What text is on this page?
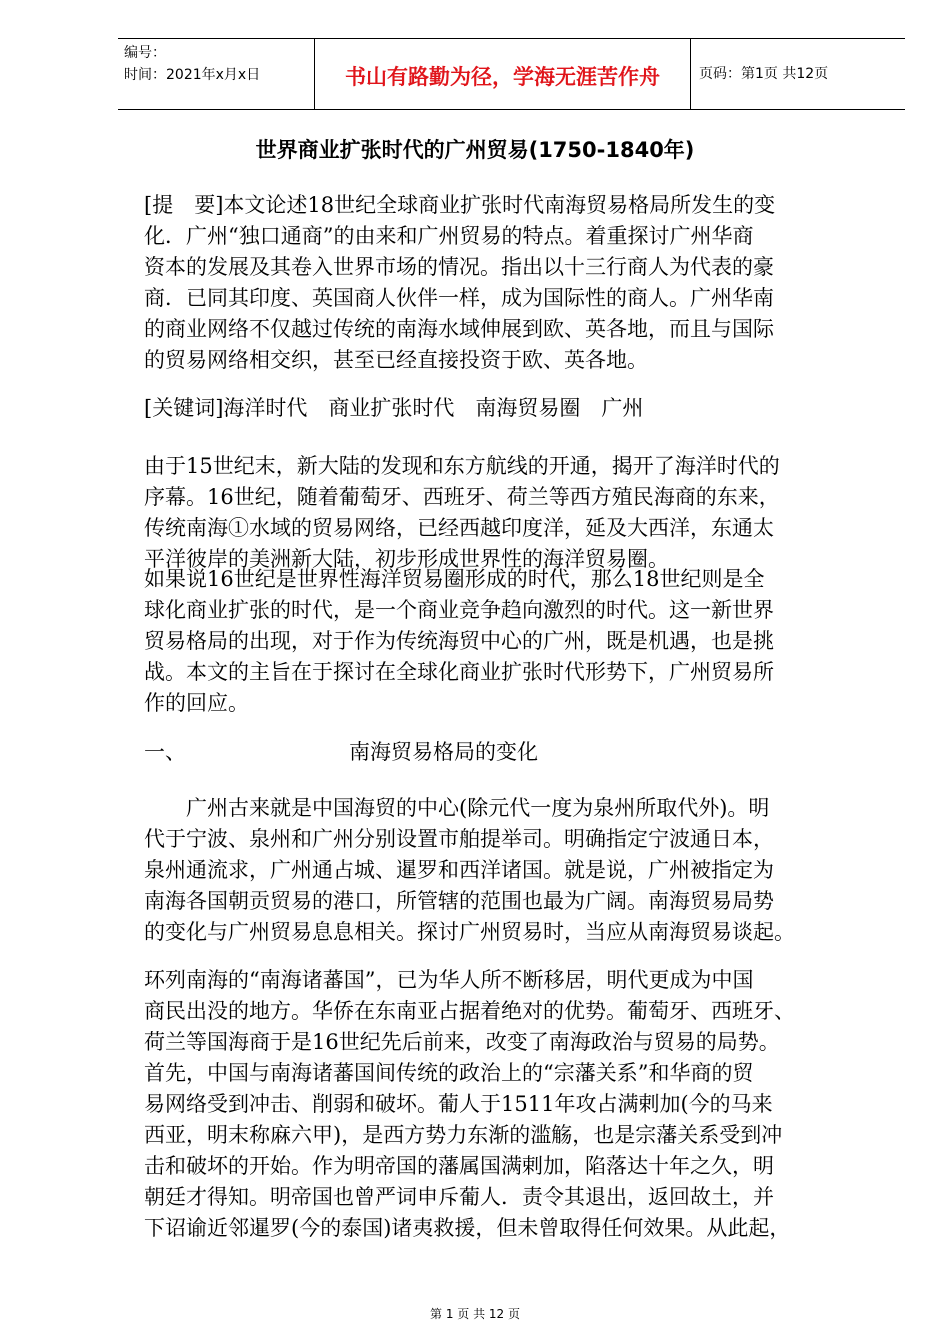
编号：
时间：2021年x月x日	书山有路勤为径，学海无涯苦作舟	页码：第1页 共12页
世界商业扩张时代的广州贸易(1750-1840年)
[提　要]本文论述18世纪全球商业扩张时代南海贸易格局所发生的变
化．广州“独口通商”的由来和广州贸易的特点。着重探讨广州华商
资本的发展及其卷入世界市场的情况。指出以十三行商人为代表的豪
商．已同其印度、英国商人伙伴一样，成为国际性的商人。广州华南
的商业网络不仅越过传统的南海水域伸展到欧、英各地，而且与国际
的贸易网络相交织，甚至已经直接投资于欧、英各地。
[关键词]海洋时代　商业扩张时代　南海贸易圈　广州
由于15世纪末，新大陆的发现和东方航线的开通，揭开了海洋时代的
序幕。16世纪，随着葡萄牙、西班牙、荷兰等西方殖民海商的东来，
传统南海①水域的贸易网络，已经西越印度洋，延及大西洋，东通太
平洋彼岸的美洲新大陆，初步形成世界性的海洋贸易圈。
如果说16世纪是世界性海洋贸易圈形成的时代，那么18世纪则是全
球化商业扩张的时代，是一个商业竞争趋向激烈的时代。这一新世界
贸易格局的出现，对于作为传统海贸中心的广州，既是机遇，也是挑
战。本文的主旨在于探讨在全球化商业扩张时代形势下，广州贸易所
作的回应。
一、	南海贸易格局的变化
广州古来就是中国海贸的中心(除元代一度为泉州所取代外)。明
代于宁波、泉州和广州分别设置市舶提举司。明确指定宁波通日本，
泉州通流求，广州通占城、暹罗和西洋诸国。就是说，广州被指定为
南海各国朝贡贸易的港口，所管辖的范围也最为广阔。南海贸易局势
的变化与广州贸易息息相关。探讨广州贸易时，当应从南海贸易谈起。
环列南海的“南海诸蕃国”，已为华人所不断移居，明代更成为中国
商民出没的地方。华侨在东南亚占据着绝对的优势。葡萄牙、西班牙、
荷兰等国海商于是16世纪先后前来，改变了南海政治与贸易的局势。
首先，中国与南海诸蕃国间传统的政治上的“宗藩关系”和华商的贸
易网络受到冲击、削弱和破坏。葡人于1511年攻占满剌加(今的马来
西亚，明末称麻六甲)，是西方势力东渐的滥觞，也是宗藩关系受到冲
击和破坏的开始。作为明帝国的藩属国满剌加，陷落达十年之久，明
朝廷才得知。明帝国也曾严词申斥葡人．责令其退出，返回故土，并
下诏谕近邻暹罗(今的泰国)诸夷救援，但未曾取得任何效果。从此起，
第 1 页 共 12 页
